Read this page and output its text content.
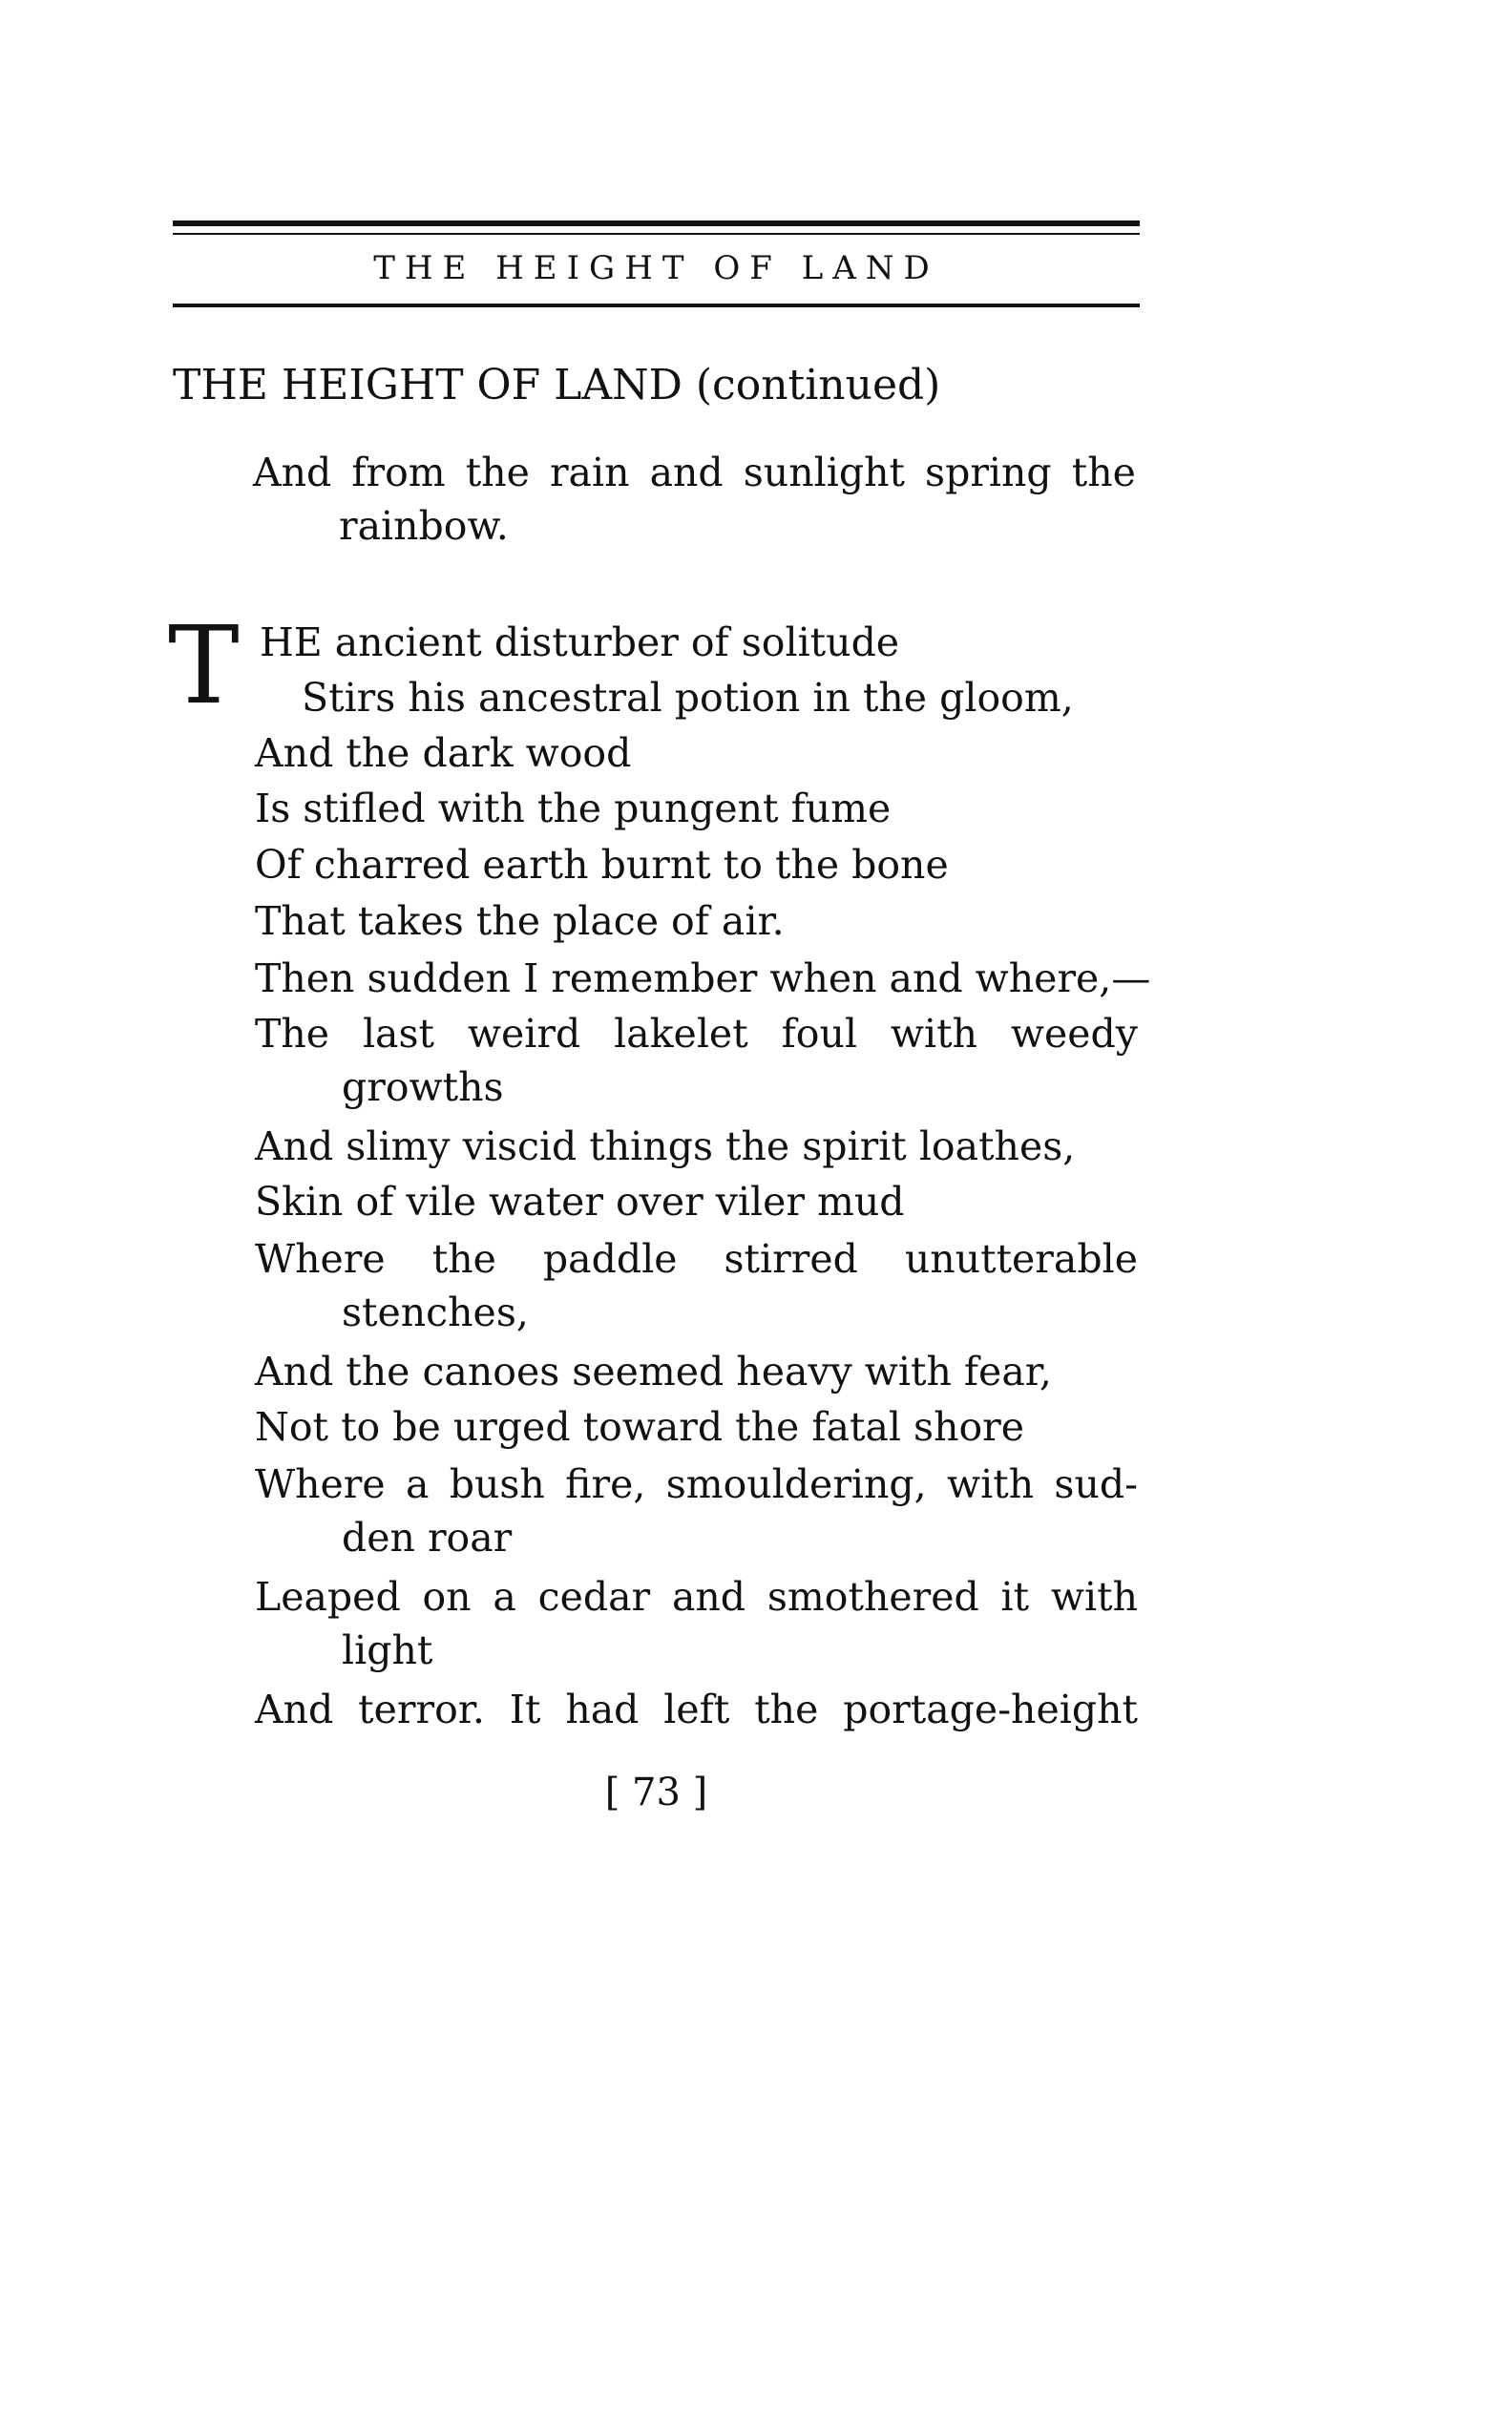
THE HEIGHT OF LAND
THE HEIGHT OF LAND (continued)
And from the rain and sunlight spring the
rainbow.
T HE ancient disturber of solitude
Stirs his ancestral potion in the gloom,
And the dark wood
Is stifled with the pungent fume
Of charred earth burnt to the bone
That takes the place of air.
Then sudden I remember when and where,—
The last weird lakelet foul with weedy
growths
And slimy viscid things the spirit loathes,
Skin of vile water over viler mud
Where the paddle stirred unutterable
stenches,
And the canoes seemed heavy with fear,
Not to be urged toward the fatal shore
Where a bush fire, smouldering, with sud-
den roar
Leaped on a cedar and smothered it with
light
And terror. It had left the portage-height
[ 73 ]
